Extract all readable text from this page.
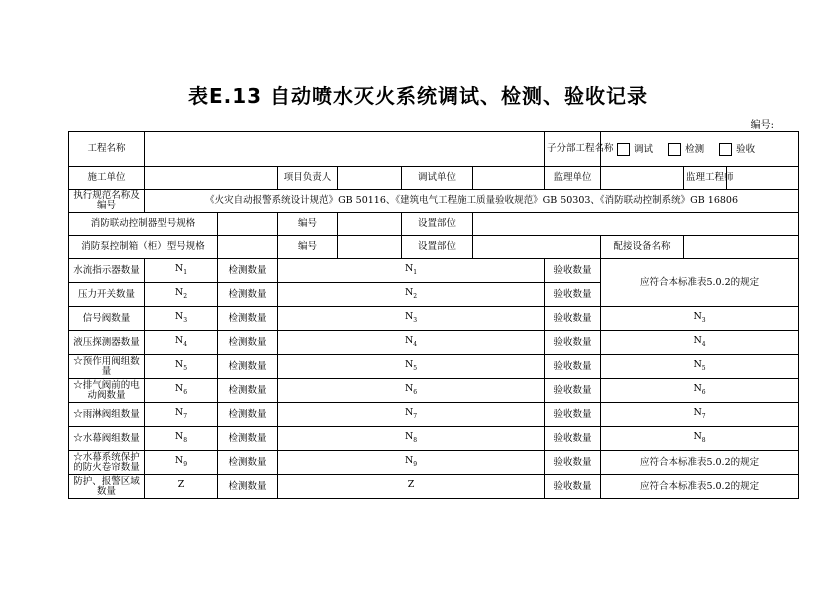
表E.13 自动喷水灭火系统调试、检测、验收记录
编号:
工程名称							子分部工程名称	调试 检测 验收		
施工单位			项目负责人		调试单位		监理单位		监理工程师	
执行规范名称及编号	《火灾自动报警系统设计规范》GB 50116、《建筑电气工程施工质量验收规范》GB 50303、《消防联动控制系统》GB 16806									
消防联动控制器型号规格			编号		设置部位					
消防泵控制箱（柜）型号规格			编号		设置部位			配接设备名称		
水流指示器数量	$N_1$	检测数量	$N_1$				验收数量	应符合本标准表5.0.2的规定		
压力开关数量	$N_2$	检测数量	$N_2$				验收数量			
信号阀数量	$N_3$	检测数量	$N_3$				验收数量	$N_3$
液压探测器数量	$N_4$	检测数量	$N_4$				验收数量	$N_4$
☆预作用阀组数量	$N_5$	检测数量	$N_5$				验收数量	$N_5$
☆排气阀前的电动阀数量	$N_6$	检测数量	$N_6$				验收数量	$N_6$
☆雨淋阀组数量	$N_7$	检测数量	$N_7$				验收数量	$N_7$
☆水幕阀组数量	$N_8$	检测数量	$N_8$				验收数量	$N_8$
☆水幕系统保护的防火卷帘数量	$N_9$	检测数量	$N_9$				验收数量	应符合本标准表5.0.2的规定		
防护、报警区域数量	Z	检测数量	Z				验收数量	应符合本标准表5.0.2的规定		
